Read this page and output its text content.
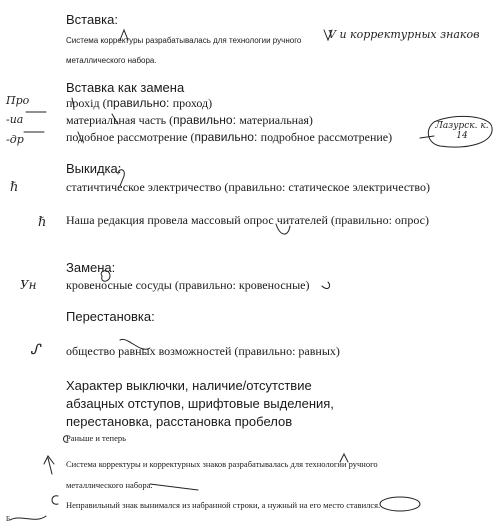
Вставка:
Система корректуры разрабатывалась для технологии ручного металлического набора.
V и корректурных знаков
Вставка как замена
Про	прохід (правильно: проход)
-иа	материальная часть (правильно: материальная)
-др	подобное рассмотрение (правильно: подробное рассмотрение)
Лазурск. к. 14
Выкидка:
ℏ	статичтическое электричество (правильно: статическое электричество)
ℏ Наша редакция провела массовый опрос читателей (правильно: опрос)
Замена:
Ун кровеносные сосуды (правильно: кровеносные)
Перестановка:
ᔑ общество равных возможностей (правильно: равных)
Характер выключки, наличие/отсутствие абзацных отступов, шрифтовые выделения, перестановка, расстановка пробелов
Раньше и теперь
Система корректуры и корректурных знаков разрабатывалась для технологии ручного
металлического набора.
Неправильный знак вынимался из набранной строки, а нужный на его место ставился.
Б
